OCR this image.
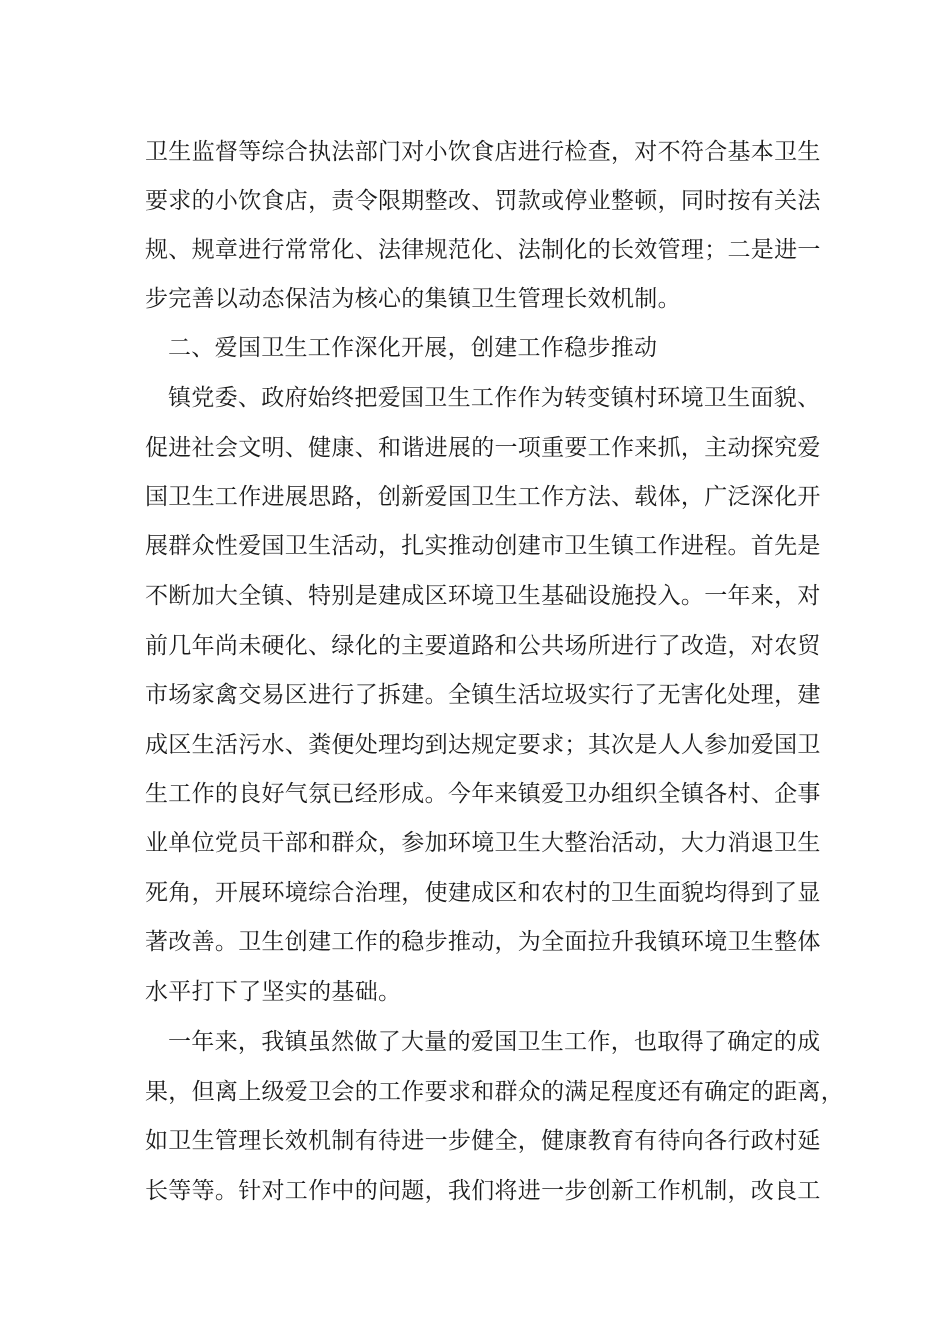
卫生监督等综合执法部门对小饮食店进行检查，对不符合基本卫生
要求的小饮食店，责令限期整改、罚款或停业整顿，同时按有关法
规、规章进行常常化、法律规范化、法制化的长效管理；二是进一
步完善以动态保洁为核心的集镇卫生管理长效机制。
二、爱国卫生工作深化开展，创建工作稳步推动
镇党委、政府始终把爱国卫生工作作为转变镇村环境卫生面貌、
促进社会文明、健康、和谐进展的一项重要工作来抓，主动探究爱
国卫生工作进展思路，创新爱国卫生工作方法、载体，广泛深化开
展群众性爱国卫生活动，扎实推动创建市卫生镇工作进程。首先是
不断加大全镇、特别是建成区环境卫生基础设施投入。一年来，对
前几年尚未硬化、绿化的主要道路和公共场所进行了改造，对农贸
市场家禽交易区进行了拆建。全镇生活垃圾实行了无害化处理，建
成区生活污水、粪便处理均到达规定要求；其次是人人参加爱国卫
生工作的良好气氛已经形成。今年来镇爱卫办组织全镇各村、企事
业单位党员干部和群众，参加环境卫生大整治活动，大力消退卫生
死角，开展环境综合治理，使建成区和农村的卫生面貌均得到了显
著改善。卫生创建工作的稳步推动，为全面拉升我镇环境卫生整体
水平打下了坚实的基础。
一年来，我镇虽然做了大量的爱国卫生工作，也取得了确定的成
果，但离上级爱卫会的工作要求和群众的满足程度还有确定的距离，
如卫生管理长效机制有待进一步健全，健康教育有待向各行政村延
长等等。针对工作中的问题，我们将进一步创新工作机制，改良工
